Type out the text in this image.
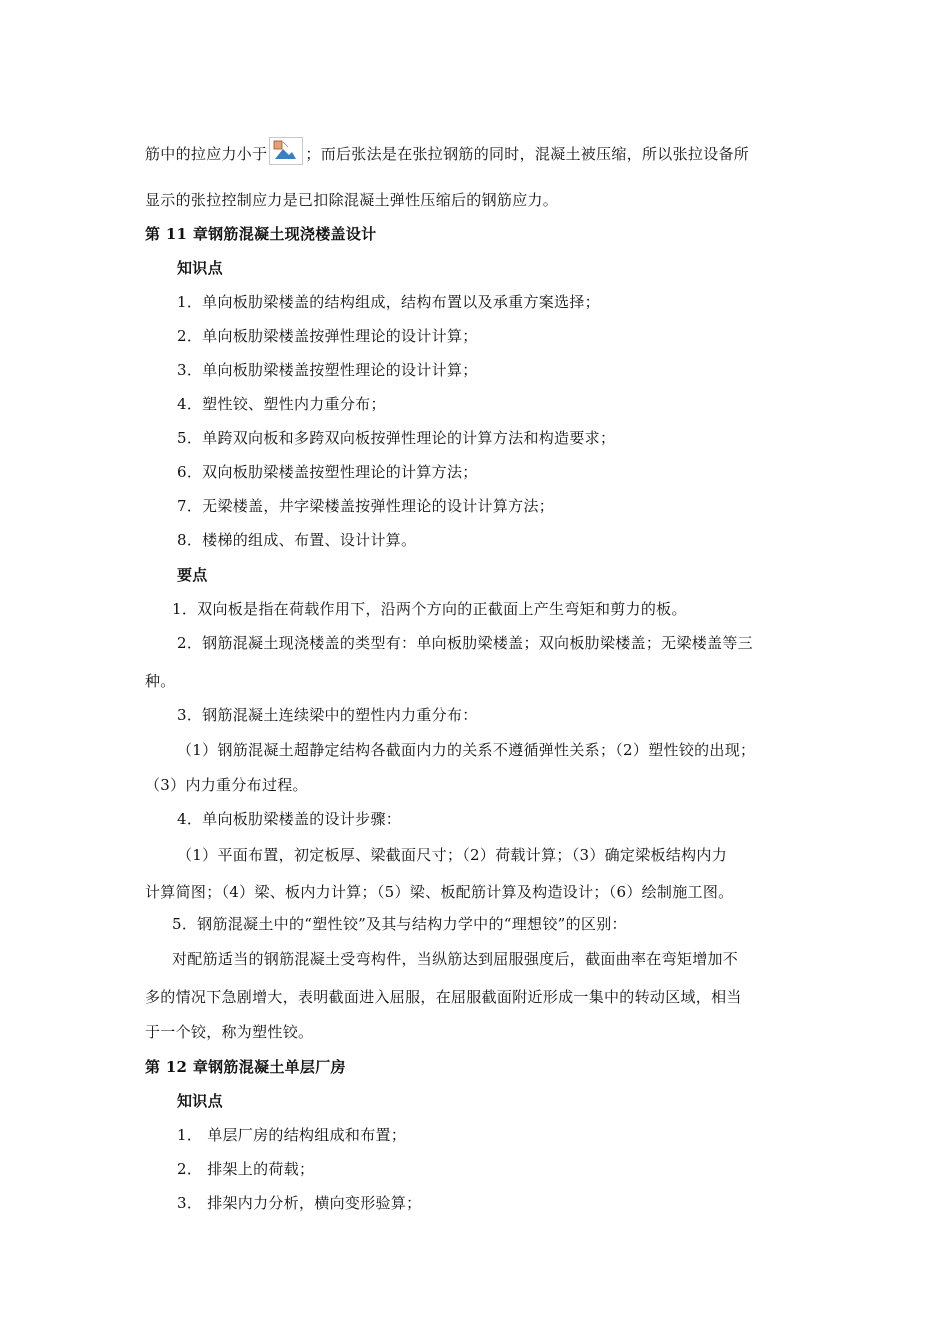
筋中的拉应力小于	；而后张法是在张拉钢筋的同时，混凝土被压缩，所以张拉设备所
显示的张拉控制应力是已扣除混凝土弹性压缩后的钢筋应力。
第 11 章钢筋混凝土现浇楼盖设计
知识点
1．单向板肋梁楼盖的结构组成，结构布置以及承重方案选择；
2．单向板肋梁楼盖按弹性理论的设计计算；
3．单向板肋梁楼盖按塑性理论的设计计算；
4．塑性铰、塑性内力重分布；
5．单跨双向板和多跨双向板按弹性理论的计算方法和构造要求；
6．双向板肋梁楼盖按塑性理论的计算方法；
7．无梁楼盖，井字梁楼盖按弹性理论的设计计算方法；
8．楼梯的组成、布置、设计计算。
要点
1．双向板是指在荷载作用下，沿两个方向的正截面上产生弯矩和剪力的板。
2．钢筋混凝土现浇楼盖的类型有：单向板肋梁楼盖；双向板肋梁楼盖；无梁楼盖等三
种。
3．钢筋混凝土连续梁中的塑性内力重分布：
（1）钢筋混凝土超静定结构各截面内力的关系不遵循弹性关系；（2）塑性铰的出现；
（3）内力重分布过程。
4．单向板肋梁楼盖的设计步骤：
（1）平面布置，初定板厚、梁截面尺寸；（2）荷载计算；（3）确定梁板结构内力
计算简图；（4）梁、板内力计算；（5）梁、板配筋计算及构造设计；（6）绘制施工图。
5．钢筋混凝土中的“塑性铰”及其与结构力学中的“理想铰”的区别：
对配筋适当的钢筋混凝土受弯构件，当纵筋达到屈服强度后，截面曲率在弯矩增加不
多的情况下急剧增大，表明截面进入屈服，在屈服截面附近形成一集中的转动区域，相当
于一个铰，称为塑性铰。
第 12 章钢筋混凝土单层厂房
知识点
1． 单层厂房的结构组成和布置；
2． 排架上的荷载；
3． 排架内力分析，横向变形验算；
